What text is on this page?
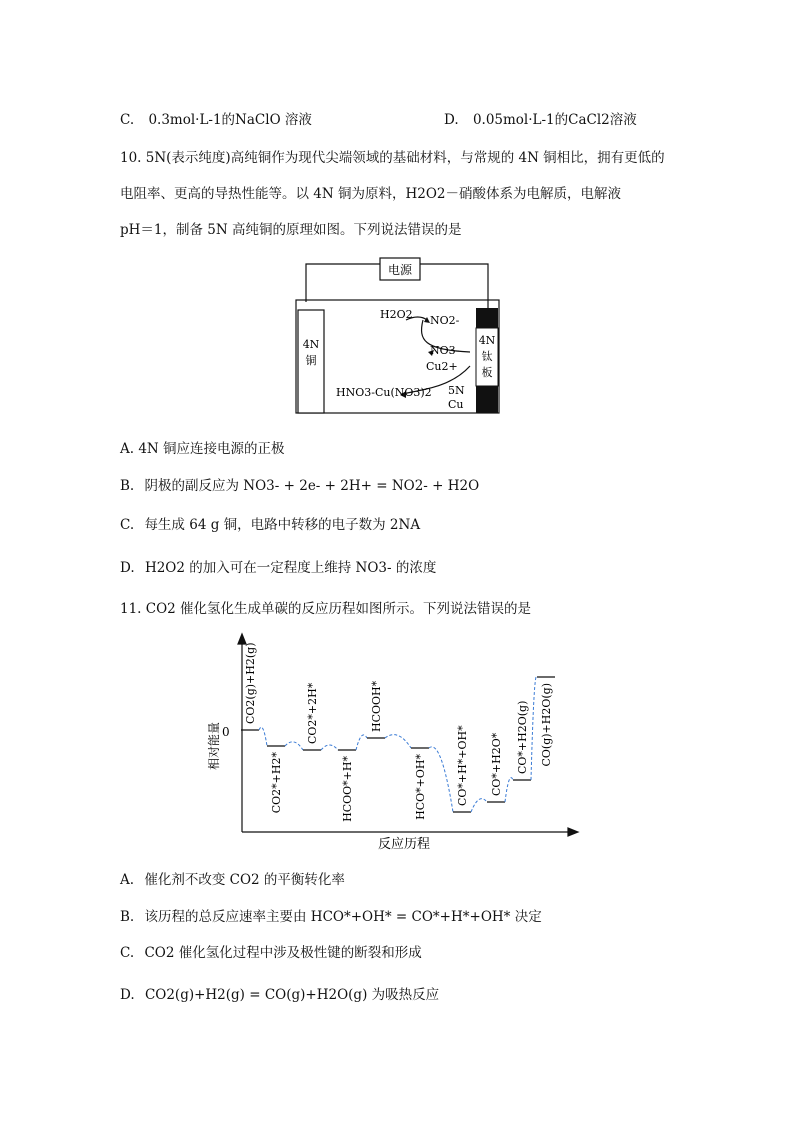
C. 0.3mol·L-1的NaClO 溶液	D. 0.05mol·L-1的CaCl2溶液
10. 5N(表示纯度)高纯铜作为现代尖端领域的基础材料，与常规的 4N 铜相比，拥有更低的
电阻率、更高的导热性能等。以 4N 铜为原料，H2O2－硝酸体系为电解质，电解液
pH＝1，制备 5N 高纯铜的原理如图。下列说法错误的是
电源
4N
铜
4N
钛
板
H2O2 NO2-
NO3-
Cu2+
HNO3-Cu(NO3)2 5N
Cu
A. 4N 铜应连接电源的正极
B. 阴极的副反应为 NO3- + 2e- + 2H+ = NO2- + H2O
C. 每生成 64 g 铜，电路中转移的电子数为 2NA
D. H2O2 的加入可在一定程度上维持 NO3- 的浓度
11. CO2 催化氢化生成单碳的反应历程如图所示。下列说法错误的是
0
相对能量
反应历程
CO2(g)+H2(g)
CO2*+H2*
CO2*+2H*
HCOO*+H*
HCOOH*
HCO*+OH*	CO*+H*+OH* CO*+H2O* CO*+H2O(g) CO(g)+H2O(g)
A. 催化剂不改变 CO2 的平衡转化率
B. 该历程的总反应速率主要由 HCO*+OH* = CO*+H*+OH* 决定
C. CO2 催化氢化过程中涉及极性键的断裂和形成
D. CO2(g)+H2(g) = CO(g)+H2O(g) 为吸热反应
